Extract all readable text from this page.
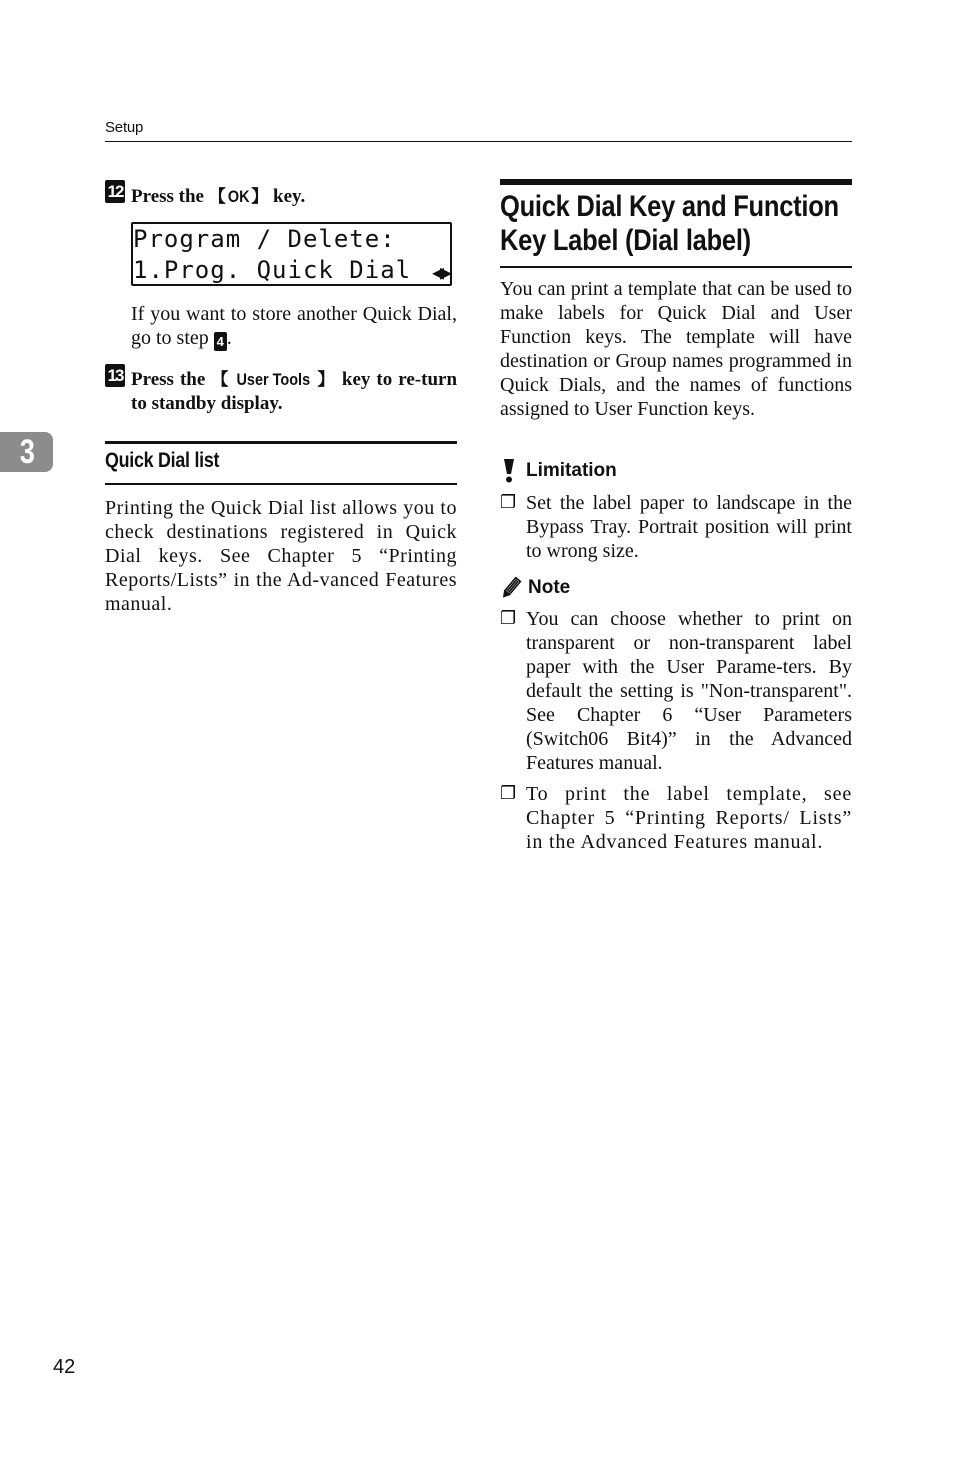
Setup
3
12 Press the 【 OK 】 key.
Program / Delete:
1.Prog. Quick Dial	◀▶
If you want to store another Quick Dial, go to step 4 .
13 Press the 【 User Tools 】 key to re-turn to standby display.
Quick Dial list
Printing the Quick Dial list allows you to check destinations registered in Quick Dial keys. See Chapter 5 “Printing Reports/Lists” in the Ad-vanced Features manual.
Quick Dial Key and Function
Key Label (Dial label)
You can print a template that can be used to make labels for Quick Dial and User Function keys. The template will have destination or Group names programmed in Quick Dials, and the names of functions assigned to User Function keys.
Limitation
❐ Set the label paper to landscape in the Bypass Tray. Portrait position will print to wrong size.
Note
❐ You can choose whether to print on transparent or non-transparent label paper with the User Parame-ters. By default the setting is "Non-transparent". See Chapter 6 “User Parameters (Switch06 Bit4)” in the Advanced Features manual.
❐ To print the label template, see Chapter 5 “Printing Reports/ Lists” in the Advanced Features manual.
42
